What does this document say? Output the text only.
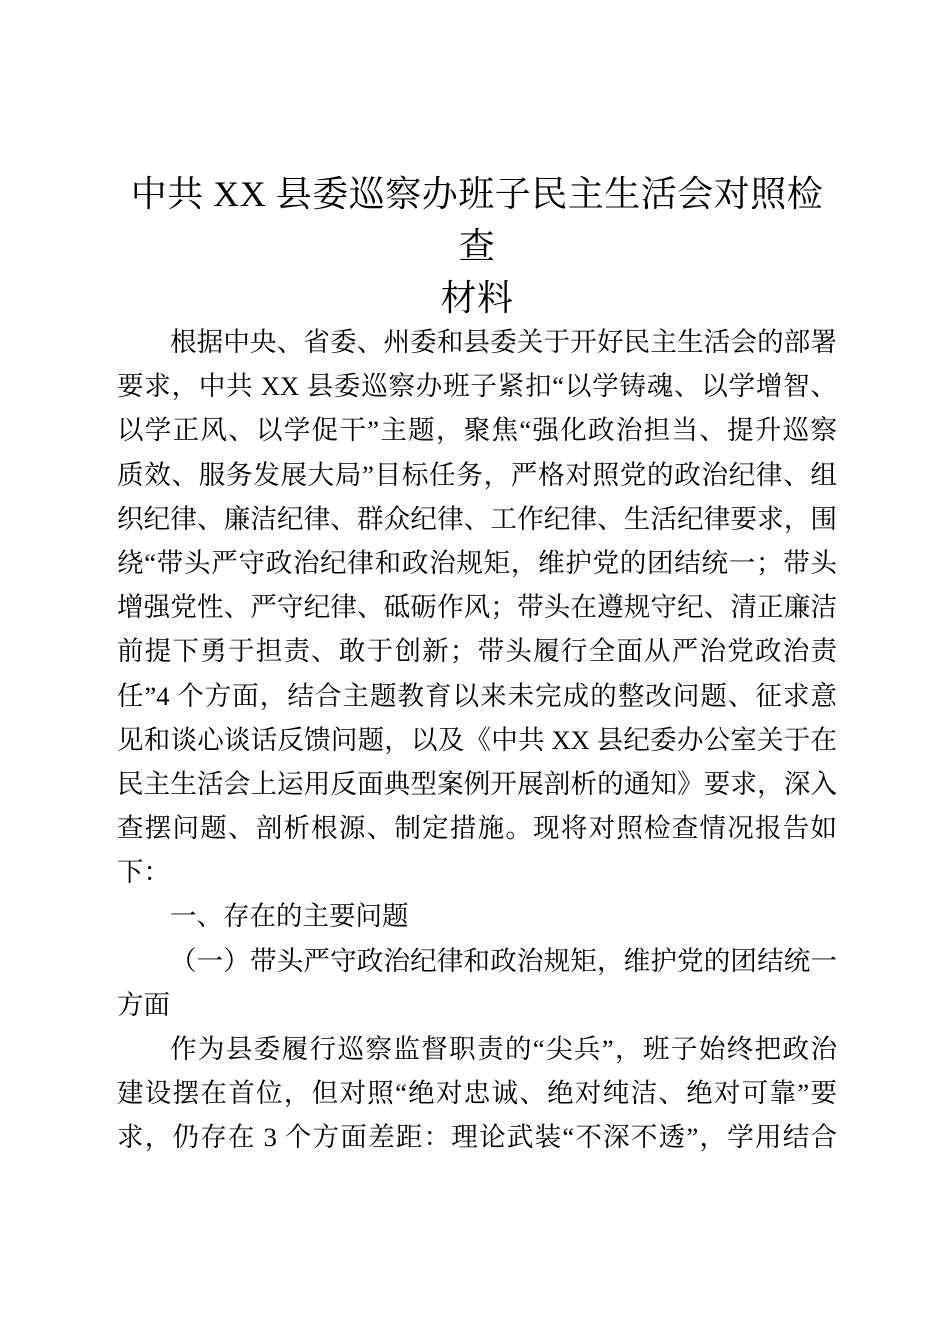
中共 XX 县委巡察办班子民主生活会对照检查
材料
根据中央、省委、州委和县委关于开好民主生活会的部署
要求，中共 XX 县委巡察办班子紧扣“以学铸魂、以学增智、
以学正风、以学促干”主题，聚焦“强化政治担当、提升巡察
质效、服务发展大局”目标任务，严格对照党的政治纪律、组
织纪律、廉洁纪律、群众纪律、工作纪律、生活纪律要求，围
绕“带头严守政治纪律和政治规矩，维护党的团结统一；带头
增强党性、严守纪律、砥砺作风；带头在遵规守纪、清正廉洁
前提下勇于担责、敢于创新；带头履行全面从严治党政治责
任”4 个方面，结合主题教育以来未完成的整改问题、征求意
见和谈心谈话反馈问题，以及《中共 XX 县纪委办公室关于在
民主生活会上运用反面典型案例开展剖析的通知》要求，深入
查摆问题、剖析根源、制定措施。现将对照检查情况报告如
下：
一、存在的主要问题
（一）带头严守政治纪律和政治规矩，维护党的团结统一
方面
作为县委履行巡察监督职责的“尖兵”，班子始终把政治
建设摆在首位，但对照“绝对忠诚、绝对纯洁、绝对可靠”要
求，仍存在 3 个方面差距：理论武装“不深不透”，学用结合
